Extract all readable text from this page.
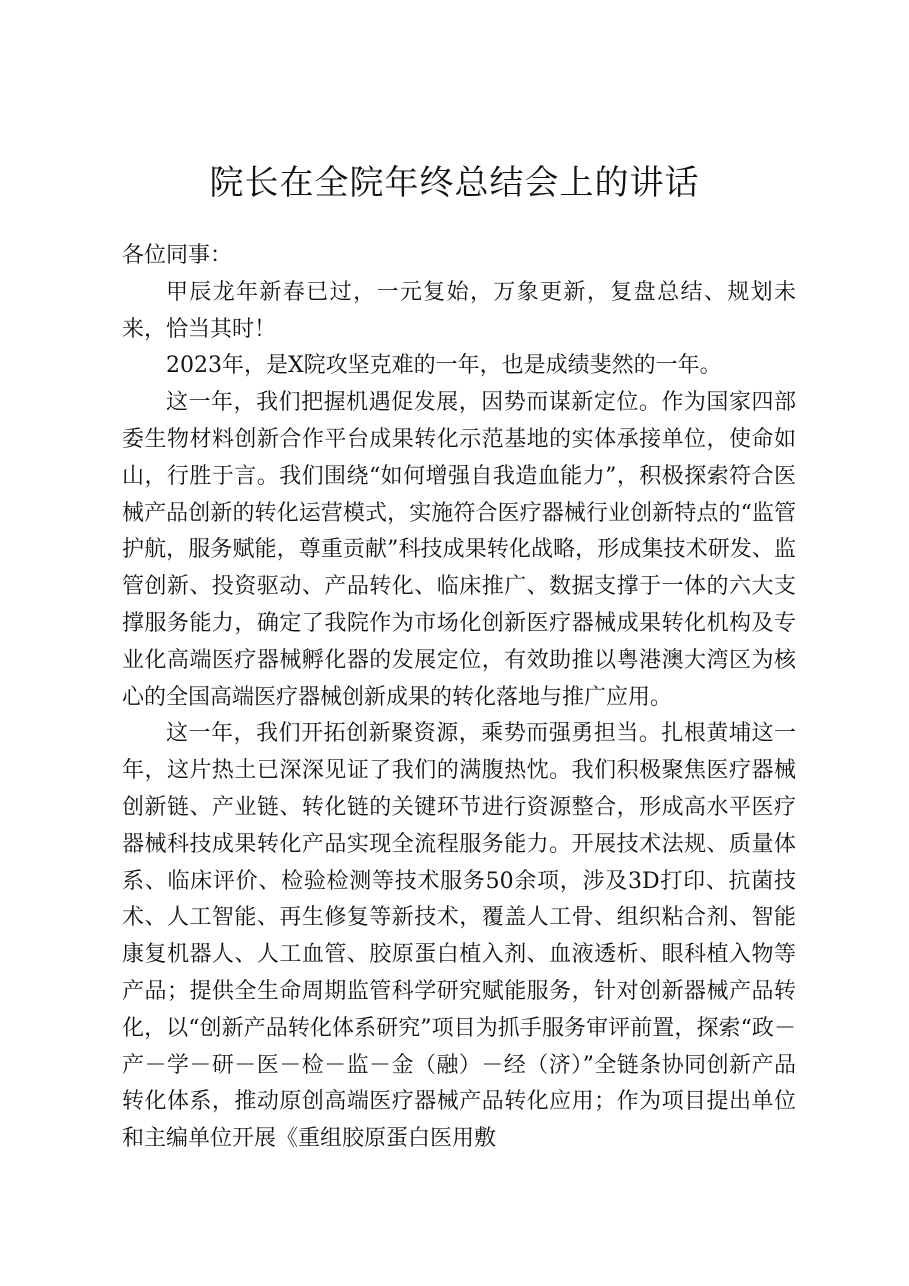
院长在全院年终总结会上的讲话

各位同事：

甲辰龙年新春已过，一元复始，万象更新，复盘总结、规划未来，恰当其时！

2023年，是X院攻坚克难的一年，也是成绩斐然的一年。

这一年，我们把握机遇促发展，因势而谋新定位。作为国家四部委生物材料创新合作平台成果转化示范基地的实体承接单位，使命如山，行胜于言。我们围绕“如何增强自我造血能力”，积极探索符合医械产品创新的转化运营模式，实施符合医疗器械行业创新特点的“监管护航，服务赋能，尊重贡献”科技成果转化战略，形成集技术研发、监管创新、投资驱动、产品转化、临床推广、数据支撑于一体的六大支撑服务能力，确定了我院作为市场化创新医疗器械成果转化机构及专业化高端医疗器械孵化器的发展定位，有效助推以粤港澳大湾区为核心的全国高端医疗器械创新成果的转化落地与推广应用。

这一年，我们开拓创新聚资源，乘势而强勇担当。扎根黄埔这一年，这片热土已深深见证了我们的满腹热忱。我们积极聚焦医疗器械创新链、产业链、转化链的关键环节进行资源整合，形成高水平医疗器械科技成果转化产品实现全流程服务能力。开展技术法规、质量体系、临床评价、检验检测等技术服务50余项，涉及3D打印、抗菌技术、人工智能、再生修复等新技术，覆盖人工骨、组织粘合剂、智能康复机器人、人工血管、胶原蛋白植入剂、血液透析、眼科植入物等产品；提供全生命周期监管科学研究赋能服务，针对创新器械产品转化，以“创新产品转化体系研究”项目为抓手服务审评前置，探索“政－产－学－研－医－检－监－金（融）－经（济）”全链条协同创新产品转化体系，推动原创高端医疗器械产品转化应用；作为项目提出单位和主编单位开展《重组胶原蛋白医用敷
